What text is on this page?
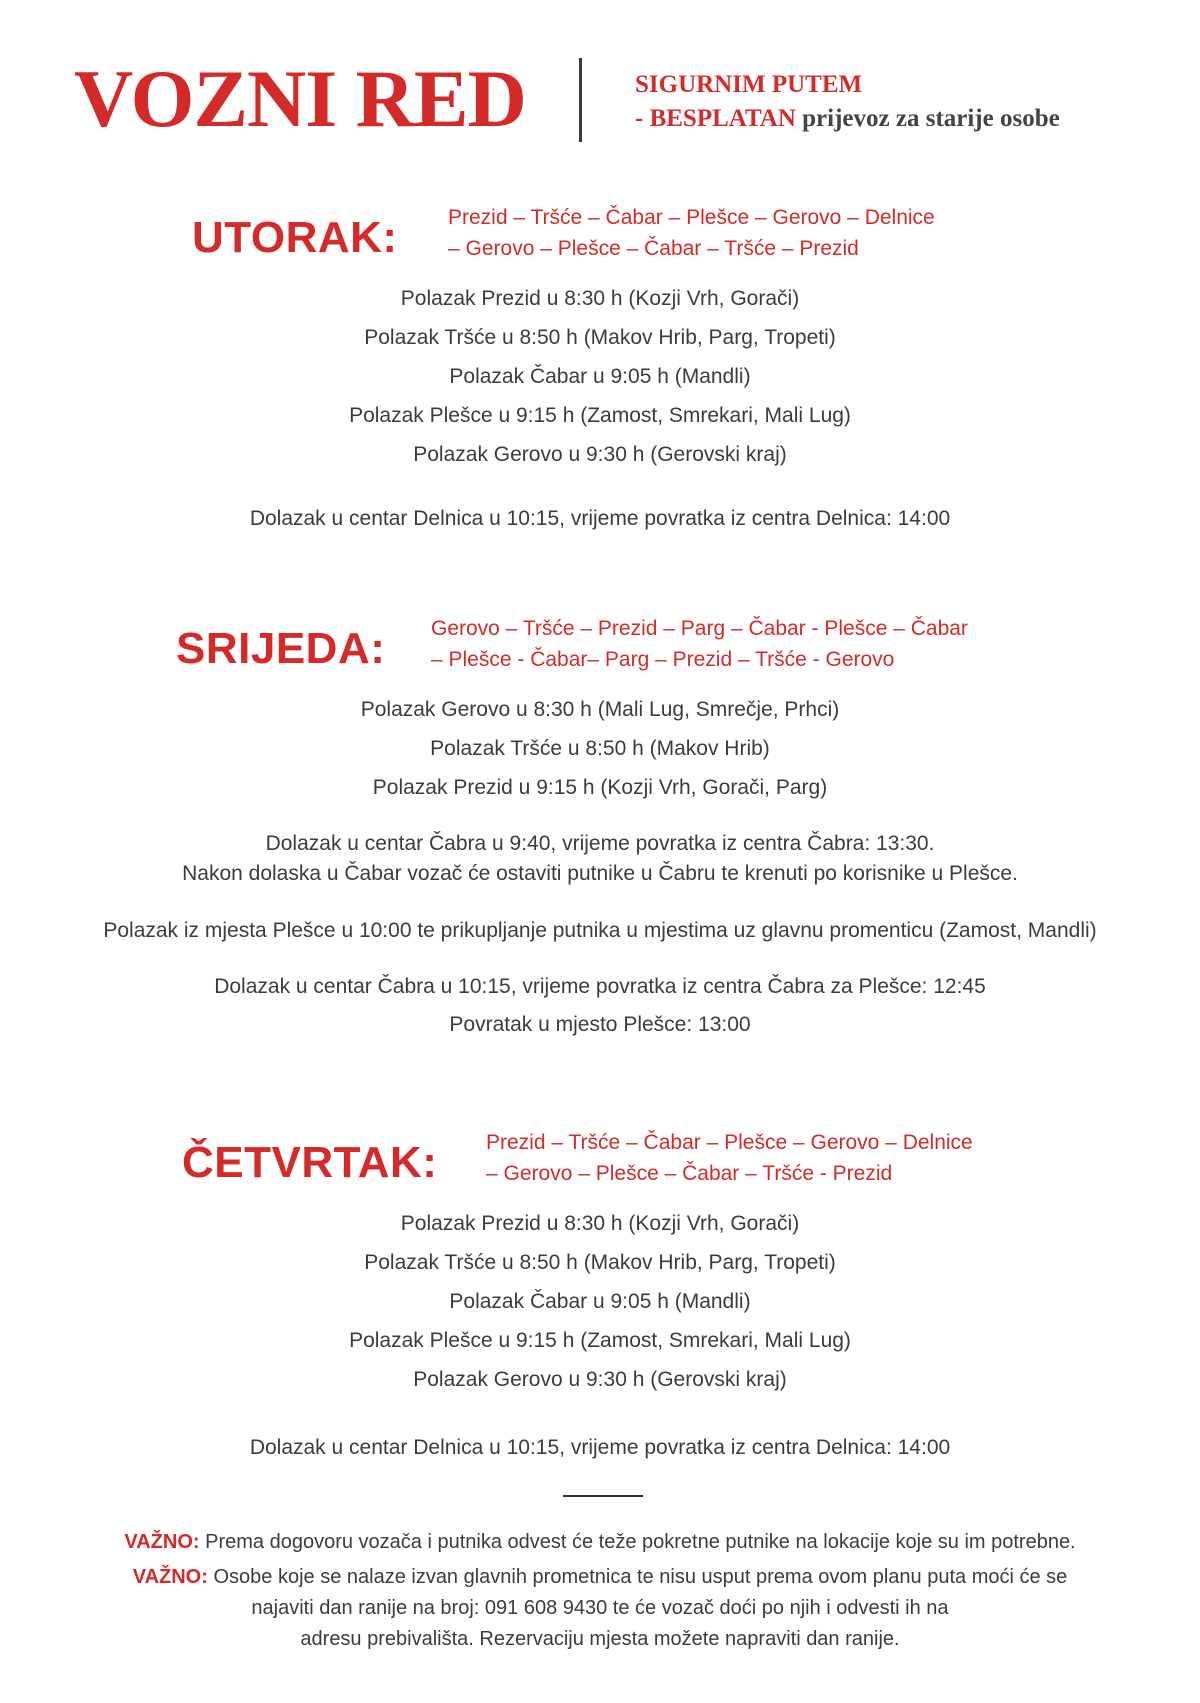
VOZNI RED	SIGURNIM PUTEM
- BESPLATAN prijevoz za starije osobe
UTORAK: Prezid – Tršće – Čabar – Plešce – Gerovo – Delnice
– Gerovo – Plešce – Čabar – Tršće – Prezid
Polazak Prezid u 8:30 h (Kozji Vrh, Gorači)
Polazak Tršće u 8:50 h (Makov Hrib, Parg, Tropeti)
Polazak Čabar u 9:05 h (Mandli)
Polazak Plešce u 9:15 h (Zamost, Smrekari, Mali Lug)
Polazak Gerovo u 9:30 h (Gerovski kraj)
Dolazak u centar Delnica u 10:15, vrijeme povratka iz centra Delnica: 14:00
SRIJEDA: Gerovo – Tršće – Prezid – Parg – Čabar - Plešce – Čabar
– Plešce - Čabar– Parg – Prezid – Tršće - Gerovo
Polazak Gerovo u 8:30 h (Mali Lug, Smrečje, Prhci)
Polazak Tršće u 8:50 h (Makov Hrib)
Polazak Prezid u 9:15 h (Kozji Vrh, Gorači, Parg)
Dolazak u centar Čabra u 9:40, vrijeme povratka iz centra Čabra: 13:30.
Nakon dolaska u Čabar vozač će ostaviti putnike u Čabru te krenuti po korisnike u Plešce.
Polazak iz mjesta Plešce u 10:00 te prikupljanje putnika u mjestima uz glavnu promenticu (Zamost, Mandli)
Dolazak u centar Čabra u 10:15, vrijeme povratka iz centra Čabra za Plešce: 12:45
Povratak u mjesto Plešce: 13:00
ČETVRTAK: Prezid – Tršće – Čabar – Plešce – Gerovo – Delnice
– Gerovo – Plešce – Čabar – Tršće - Prezid
Polazak Prezid u 8:30 h (Kozji Vrh, Gorači)
Polazak Tršće u 8:50 h (Makov Hrib, Parg, Tropeti)
Polazak Čabar u 9:05 h (Mandli)
Polazak Plešce u 9:15 h (Zamost, Smrekari, Mali Lug)
Polazak Gerovo u 9:30 h (Gerovski kraj)
Dolazak u centar Delnica u 10:15, vrijeme povratka iz centra Delnica: 14:00
VAŽNO: Prema dogovoru vozača i putnika odvest će teže pokretne putnike na lokacije koje su im potrebne.
VAŽNO: Osobe koje se nalaze izvan glavnih prometnica te nisu usput prema ovom planu puta moći će se
najaviti dan ranije na broj: 091 608 9430 te će vozač doći po njih i odvesti ih na
adresu prebivališta. Rezervaciju mjesta možete napraviti dan ranije.
